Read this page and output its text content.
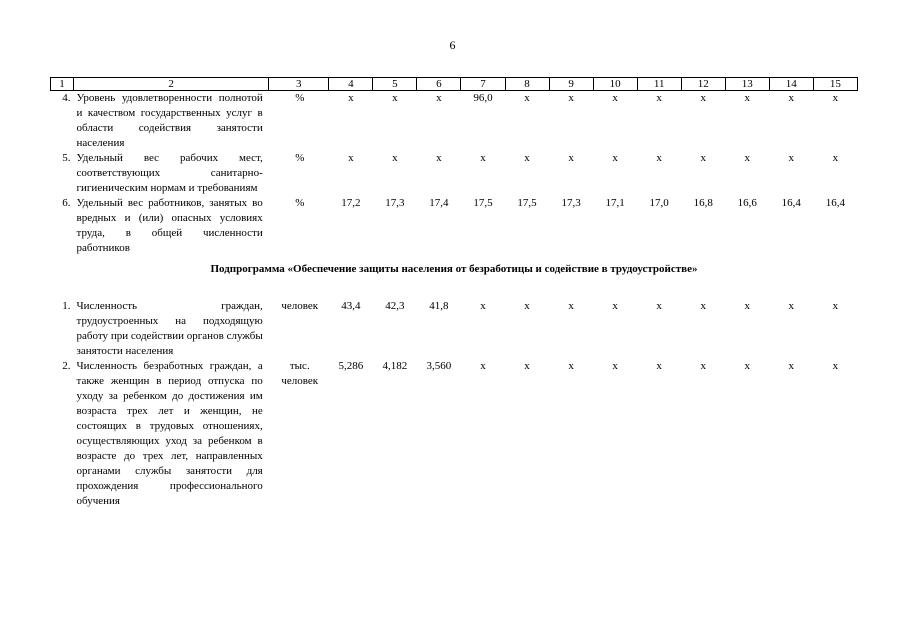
6
1	2	3	4	5	6	7	8	9	10	11	12	13	14	15
4.	Уровень удовлетворенности полнотой и качеством государственных услуг в области содействия занятости населения	%	х	х	х	96,0	х	х	х	х	х	х	х	х
5.	Удельный вес рабочих мест, соответствующих санитарно-гигиеническим нормам и требованиям	%	х	х	х	х	х	х	х	х	х	х	х	х
6.	Удельный вес работников, занятых во вредных и (или) опасных условиях труда, в общей численности работников	%	17,2	17,3	17,4	17,5	17,5	17,3	17,1	17,0	16,8	16,6	16,4	16,4
Подпрограмма «Обеспечение защиты населения от безработицы и содействие в трудоустройстве»														
1.	Численность граждан, трудоустроенных на подходящую работу при содействии органов службы занятости населения	человек	43,4	42,3	41,8	х	х	х	х	х	х	х	х	х
2.	Численность безработных граждан, а также женщин в период отпуска по уходу за ребенком до достижения им возраста трех лет и женщин, не состоящих в трудовых отношениях, осуществляющих уход за ребенком в возрасте до трех лет, направленных органами службы занятости для прохождения профессионального обучения	тыс. человек	5,286	4,182	3,560	х	х	х	х	х	х	х	х	х
